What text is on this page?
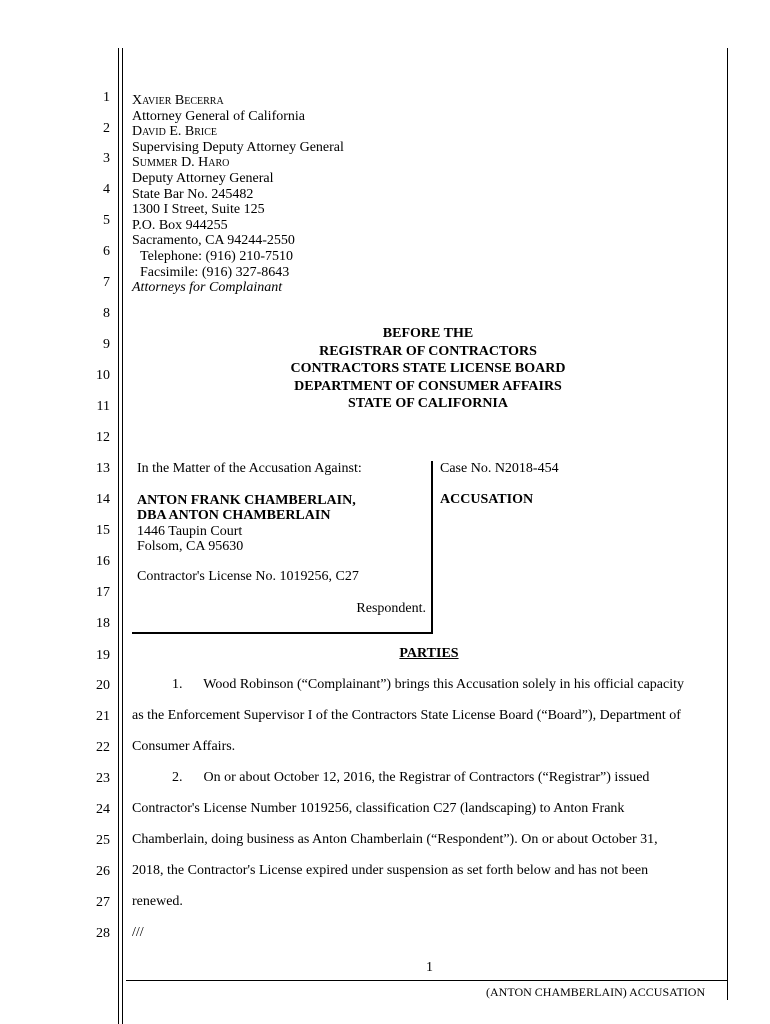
1
2
3
4
5
6
7
8
9
10
11
12
13
14
15
16
17
18
19
20
21
22
23
24
25
26
27
28
Xavier Becerra
Attorney General of California
David E. Brice
Supervising Deputy Attorney General
Summer D. Haro
Deputy Attorney General
State Bar No. 245482
1300 I Street, Suite 125
P.O. Box 944255
Sacramento, CA 94244-2550
Telephone: (916) 210-7510
Facsimile: (916) 327-8643
Attorneys for Complainant
BEFORE THE
REGISTRAR OF CONTRACTORS
CONTRACTORS STATE LICENSE BOARD
DEPARTMENT OF CONSUMER AFFAIRS
STATE OF CALIFORNIA
In the Matter of the Accusation Against:
ANTON FRANK CHAMBERLAIN,
DBA ANTON CHAMBERLAIN
1446 Taupin Court
Folsom, CA 95630
Contractor's License No. 1019256, C27
Respondent.
Case No. N2018-454
ACCUSATION
PARTIES
1.      Wood Robinson (“Complainant”) brings this Accusation solely in his official capacity
as the Enforcement Supervisor I of the Contractors State License Board (“Board”), Department of
Consumer Affairs.
2.      On or about October 12, 2016, the Registrar of Contractors (“Registrar”) issued
Contractor's License Number 1019256, classification C27 (landscaping) to Anton Frank
Chamberlain, doing business as Anton Chamberlain (“Respondent”). On or about October 31,
2018, the Contractor's License expired under suspension as set forth below and has not been
renewed.
///
1
(ANTON CHAMBERLAIN) ACCUSATION
